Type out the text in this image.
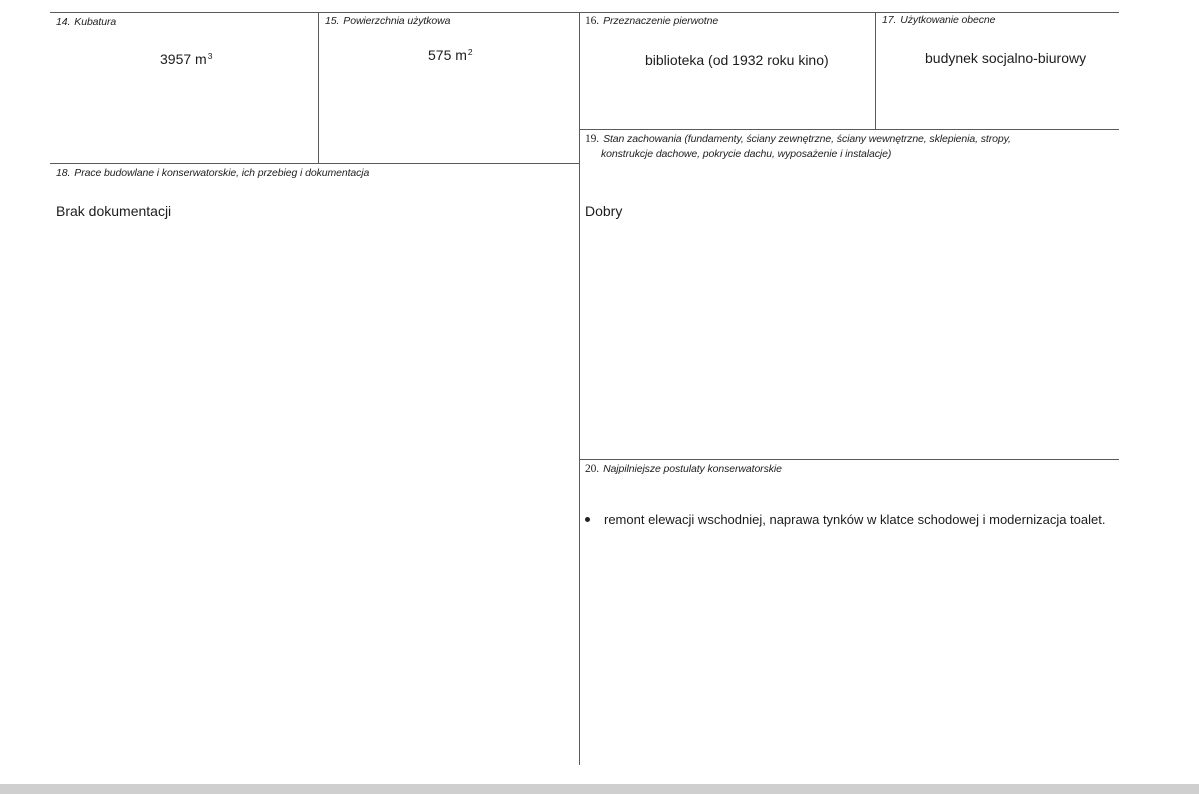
14. Kubatura
3957 $m^3$
15. Powierzchnia użytkowa
575 $m^2$
16. Przeznaczenie pierwotne
biblioteka (od 1932 roku kino)
17. Użytkowanie obecne
budynek socjalno-biurowy
18. Prace budowlane i konserwatorskie, ich przebieg i dokumentacja
Brak dokumentacji
19. Stan zachowania (fundamenty, ściany zewnętrzne, ściany wewnętrzne, sklepienia, stropy,
konstrukcje dachowe, pokrycie dachu, wyposażenie i instalacje)
Dobry
20. Najpilniejsze postulaty konserwatorskie
remont elewacji wschodniej, naprawa tynków w klatce schodowej i modernizacja toalet.
